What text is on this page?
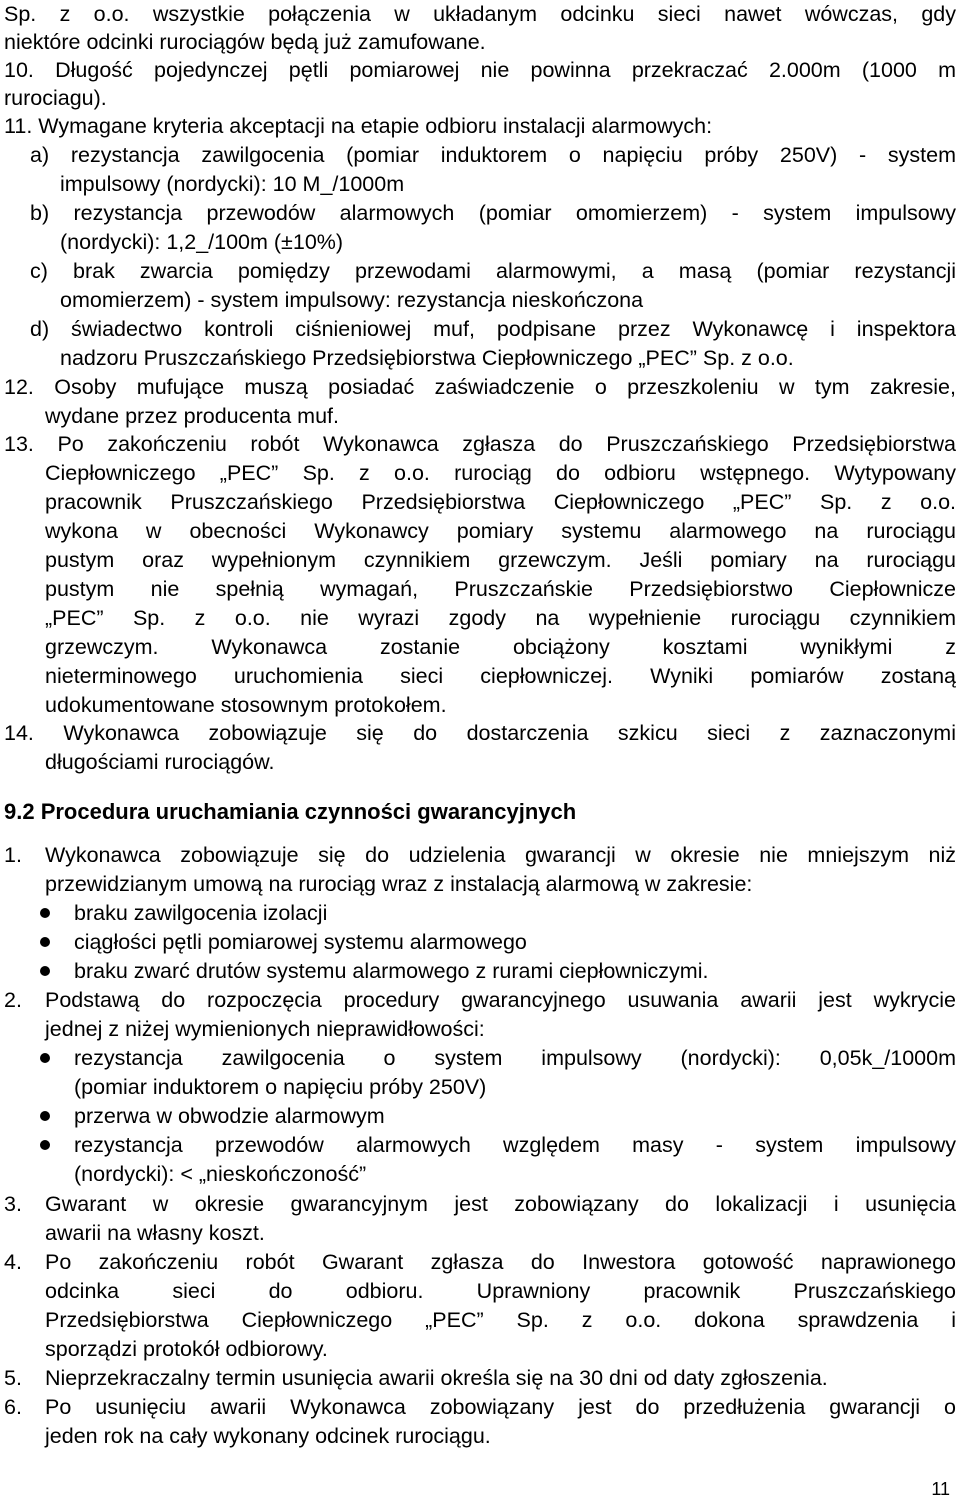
Sp. z o.o. wszystkie połączenia w układanym odcinku sieci nawet wówczas, gdy
niektóre odcinki rurociągów będą już zamufowane.
10. Długość pojedynczej pętli pomiarowej nie powinna przekraczać 2.000m (1000 m
rurociagu).
11. Wymagane kryteria akceptacji na etapie odbioru instalacji alarmowych:
a) rezystancja zawilgocenia (pomiar induktorem o napięciu próby 250V) - system
impulsowy (nordycki): 10 M_/1000m
b) rezystancja przewodów alarmowych (pomiar omomierzem) - system impulsowy
(nordycki): 1,2_/100m (±10%)
c) brak zwarcia pomiędzy przewodami alarmowymi, a masą (pomiar rezystancji
omomierzem) - system impulsowy: rezystancja nieskończona
d) świadectwo kontroli ciśnieniowej muf, podpisane przez Wykonawcę i inspektora
nadzoru Pruszczańskiego Przedsiębiorstwa Ciepłowniczego „PEC” Sp. z o.o.
12. Osoby mufujące muszą posiadać zaświadczenie o przeszkoleniu w tym zakresie,
wydane przez producenta muf.
13. Po zakończeniu robót Wykonawca zgłasza do Pruszczańskiego Przedsiębiorstwa
Ciepłowniczego „PEC” Sp. z o.o. rurociąg do odbioru wstępnego. Wytypowany
pracownik Pruszczańskiego Przedsiębiorstwa Ciepłowniczego „PEC” Sp. z o.o.
wykona w obecności Wykonawcy pomiary systemu alarmowego na rurociągu
pustym oraz wypełnionym czynnikiem grzewczym. Jeśli pomiary na rurociągu
pustym nie spełnią wymagań, Pruszczańskie Przedsiębiorstwo Ciepłownicze
„PEC” Sp. z o.o. nie wyrazi zgody na wypełnienie rurociągu czynnikiem
grzewczym. Wykonawca zostanie obciążony kosztami wynikłymi z
nieterminowego uruchomienia sieci ciepłowniczej. Wyniki pomiarów zostaną
udokumentowane stosownym protokołem.
14. Wykonawca zobowiązuje się do dostarczenia szkicu sieci z zaznaczonymi
długościami rurociągów.
Wykonawca zobowiązuje się do udzielenia gwarancji w okresie nie mniejszym niż
przewidzianym umową na rurociąg wraz z instalacją alarmową w zakresie:
braku zawilgocenia izolacji
ciągłości pętli pomiarowej systemu alarmowego
braku zwarć drutów systemu alarmowego z rurami ciepłowniczymi.
Podstawą do rozpoczęcia procedury gwarancyjnego usuwania awarii jest wykrycie
jednej z niżej wymienionych nieprawidłowości:
rezystancja zawilgocenia o system impulsowy (nordycki): 0,05k_/1000m
(pomiar induktorem o napięciu próby 250V)
przerwa w obwodzie alarmowym
rezystancja przewodów alarmowych względem masy - system impulsowy
(nordycki): < „nieskończoność”
Gwarant w okresie gwarancyjnym jest zobowiązany do lokalizacji i usunięcia
awarii na własny koszt.
Po zakończeniu robót Gwarant zgłasza do Inwestora gotowość naprawionego
odcinka sieci do odbioru. Uprawniony pracownik Pruszczańskiego
Przedsiębiorstwa Ciepłowniczego „PEC” Sp. z o.o. dokona sprawdzenia i
sporządzi protokół odbiorowy.
Nieprzekraczalny termin usunięcia awarii określa się na 30 dni od daty zgłoszenia.
Po usunięciu awarii Wykonawca zobowiązany jest do przedłużenia gwarancji o
jeden rok na cały wykonany odcinek rurociągu.
9.2 Procedura uruchamiania czynności gwarancyjnych
1.
2.
3.
4.
5.
6.
11
